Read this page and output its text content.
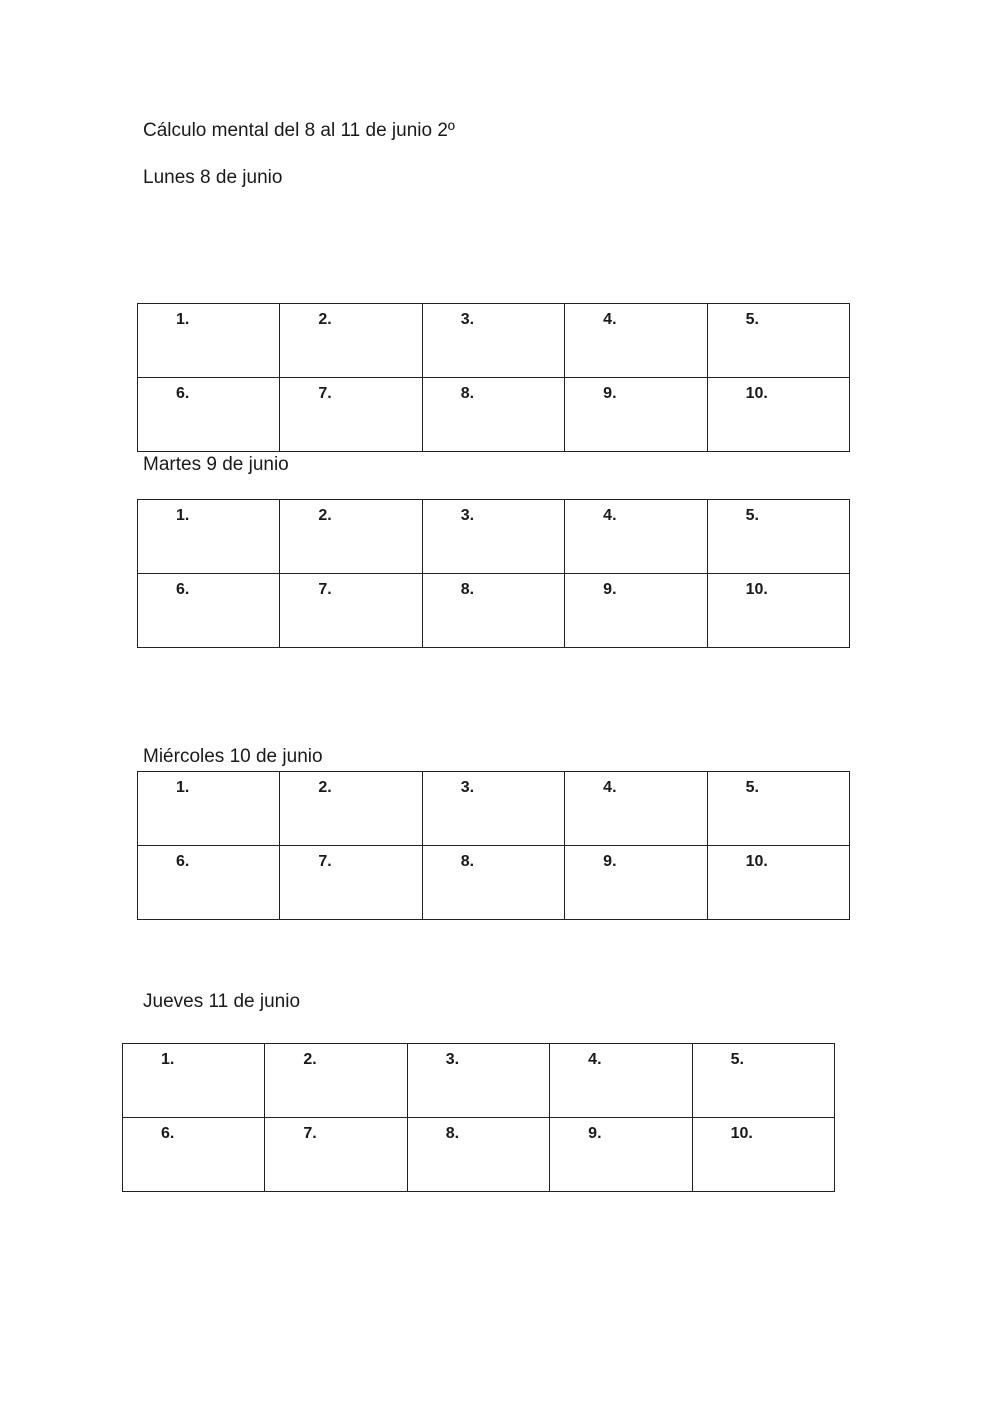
Cálculo mental del 8 al 11 de junio 2º
Lunes 8 de junio
1.	2.	3.	4.	5.

6.	7.	8.	9.	10.
Martes 9 de junio
1.	2.	3.	4.	5.

6.	7.	8.	9.	10.
Miércoles 10 de junio
1.	2.	3.	4.	5.

6.	7.	8.	9.	10.
Jueves 11 de junio
1.	2.	3.	4.	5.

6.	7.	8.	9.	10.
